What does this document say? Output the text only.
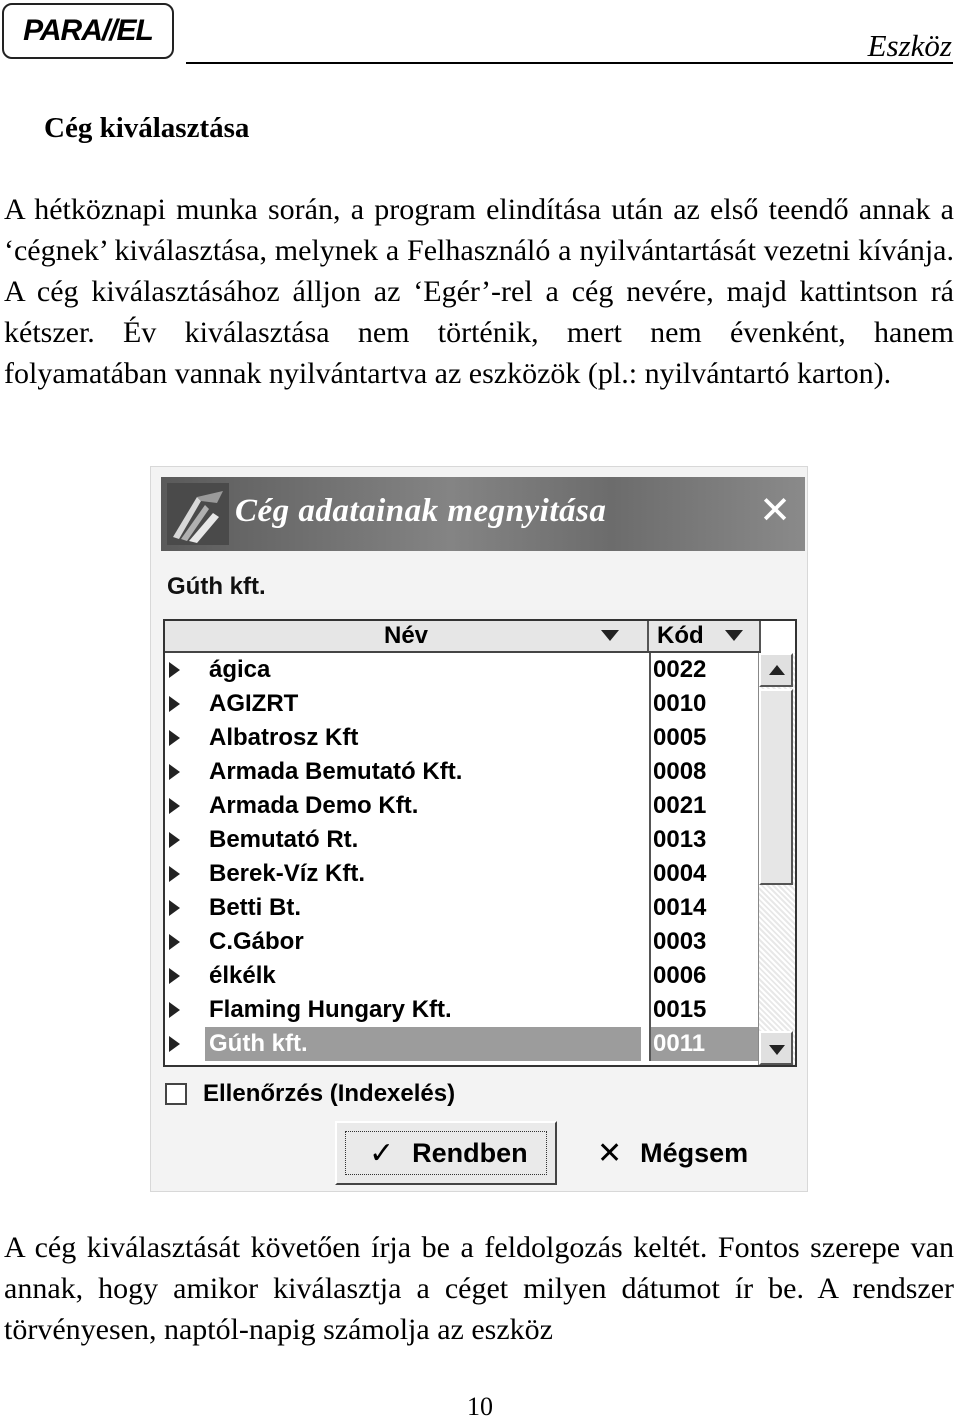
PARA//EL	Eszköz
Cég kiválasztása

A hétköznapi munka során, a program elindítása után az első teendő annak a ‘cégnek’ kiválasztása, melynek a Felhasználó a nyilvántartását vezetni kívánja. A cég kiválasztásához álljon az ‘Egér’-rel a cég nevére, majd kattintson rá kétszer. Év kiválasztása nem történik, mert nem évenként, hanem folyamatában vannak nyilvántartva az eszközök (pl.: nyilvántartó karton).

Cég adatainak megnyitása	✕
Gúth kft.
Név	Kód
ágica	0022
AGIZRT	0010
Albatrosz Kft	0005
Armada Bemutató Kft.	0008
Armada Demo Kft.	0021
Bemutató Rt.	0013
Berek-Víz Kft.	0004
Betti Bt.	0014
C.Gábor	0003
élkélk	0006
Flaming Hungary Kft.	0015
Gúth kft.	0011
Ellenőrzés (Indexelés)
✓ Rendben ✕ Mégsem

A cég kiválasztását követően írja be a feldolgozás keltét. Fontos szerepe van annak, hogy amikor kiválasztja a céget milyen dátumot ír be. A rendszer törvényesen, naptól-napig számolja az eszköz

10
